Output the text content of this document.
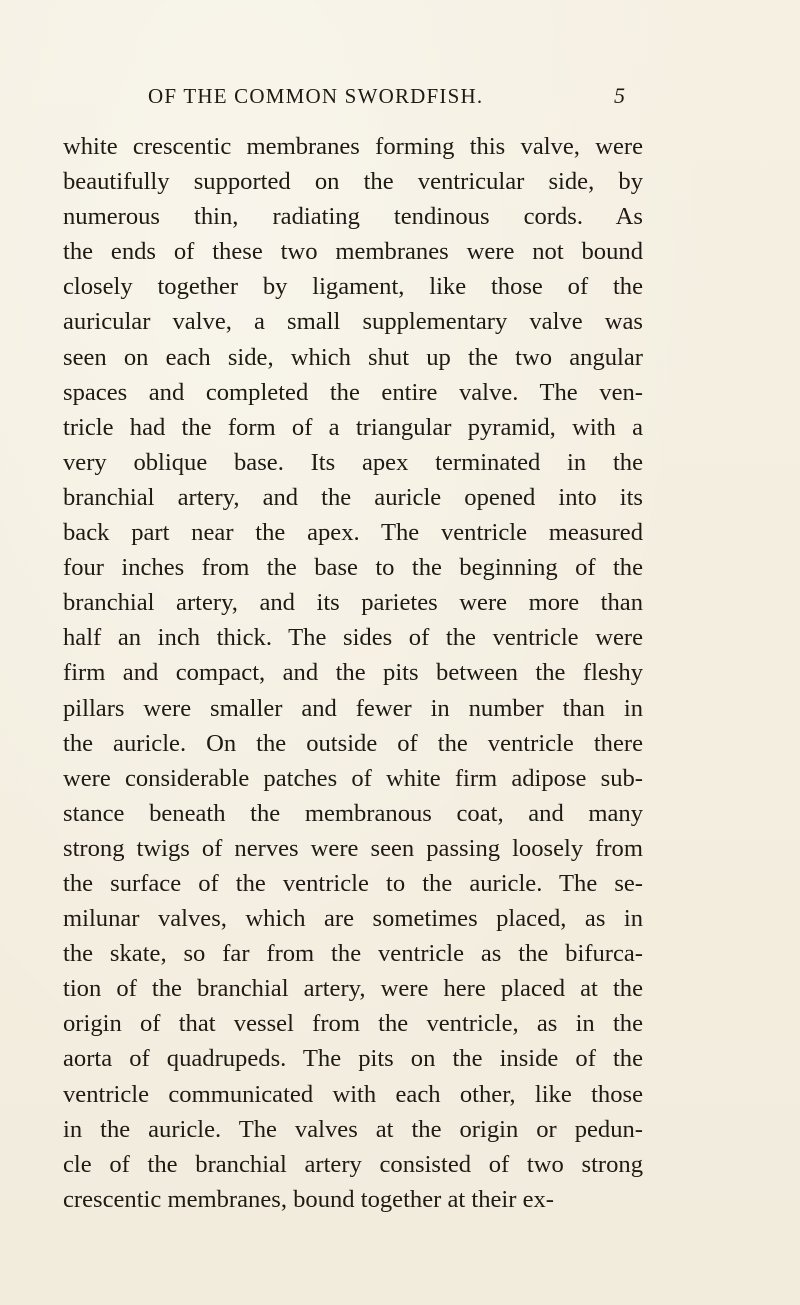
OF THE COMMON SWORDFISH.	5
white crescentic membranes forming this valve, were
beautifully supported on the ventricular side, by
numerous thin, radiating tendinous cords. As
the ends of these two membranes were not bound
closely together by ligament, like those of the
auricular valve, a small supplementary valve was
seen on each side, which shut up the two angular
spaces and completed the entire valve. The ven-
tricle had the form of a triangular pyramid, with a
very oblique base. Its apex terminated in the
branchial artery, and the auricle opened into its
back part near the apex. The ventricle measured
four inches from the base to the beginning of the
branchial artery, and its parietes were more than
half an inch thick. The sides of the ventricle were
firm and compact, and the pits between the fleshy
pillars were smaller and fewer in number than in
the auricle. On the outside of the ventricle there
were considerable patches of white firm adipose sub-
stance beneath the membranous coat, and many
strong twigs of nerves were seen passing loosely from
the surface of the ventricle to the auricle. The se-
milunar valves, which are sometimes placed, as in
the skate, so far from the ventricle as the bifurca-
tion of the branchial artery, were here placed at the
origin of that vessel from the ventricle, as in the
aorta of quadrupeds. The pits on the inside of the
ventricle communicated with each other, like those
in the auricle. The valves at the origin or pedun-
cle of the branchial artery consisted of two strong
crescentic membranes, bound together at their ex-
